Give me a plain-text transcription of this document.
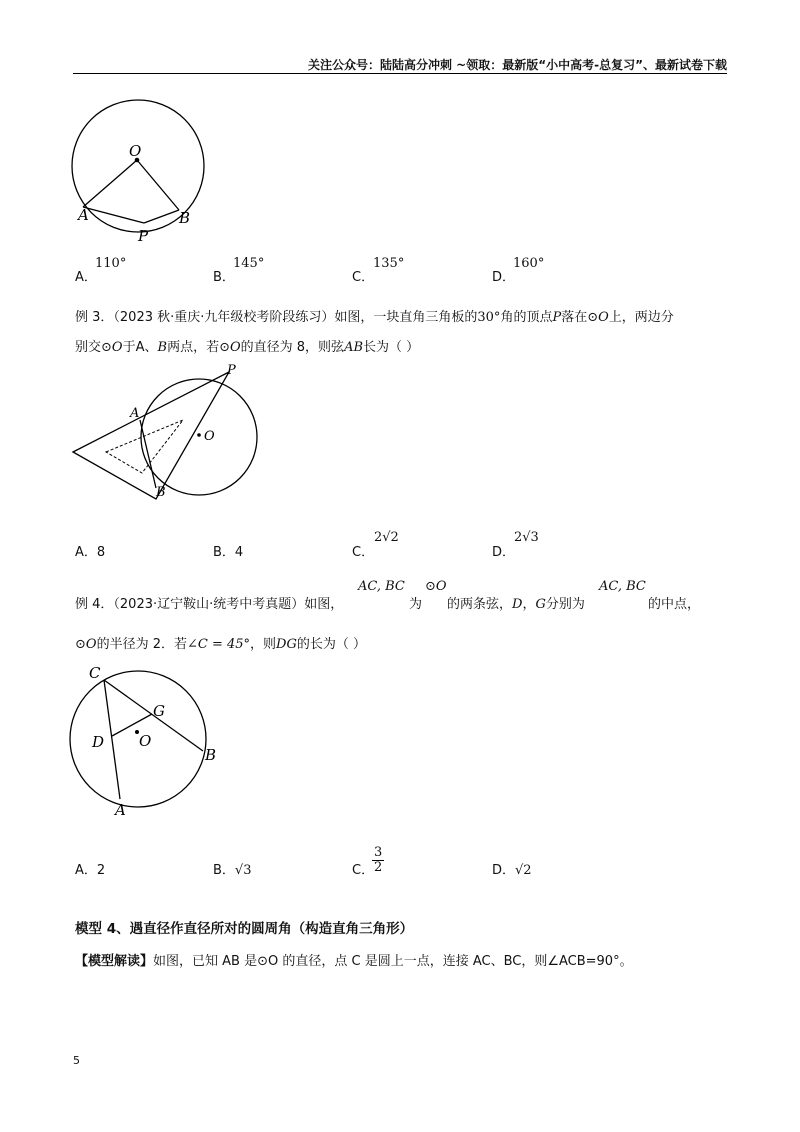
关注公众号：陆陆高分冲刺 ~领取：最新版“小中高考-总复习”、最新试卷下载
O
A
P
B
A．
110°
B．
145°
C．
135°
D．
160°
例 3．（2023 秋·重庆·九年级校考阶段练习）如图，一块直角三角板的30°角的顶点P落在⊙O上，两边分
别交⊙O于A、B两点，若⊙O的直径为 8，则弦AB长为（ ）
P
A
O
B
A．8	B．4	C．
2√2
D．
2√3
例 4．（2023·辽宁鞍山·统考中考真题）如图，
AC, BC
为
⊙O
的两条弦，D，G分别为
AC, BC
的中点，
⊙O的半径为 2．若∠C = 45°，则DG的长为（ ）
C
G
D O
B
A
A．2	B．√3	C．
$\frac{3}{2}$	D．√2
模型 4、遇直径作直径所对的圆周角（构造直角三角形）
【模型解读】如图，已知 AB 是⊙O 的直径，点 C 是圆上一点，连接 AC、BC，则∠ACB=90°。
5
